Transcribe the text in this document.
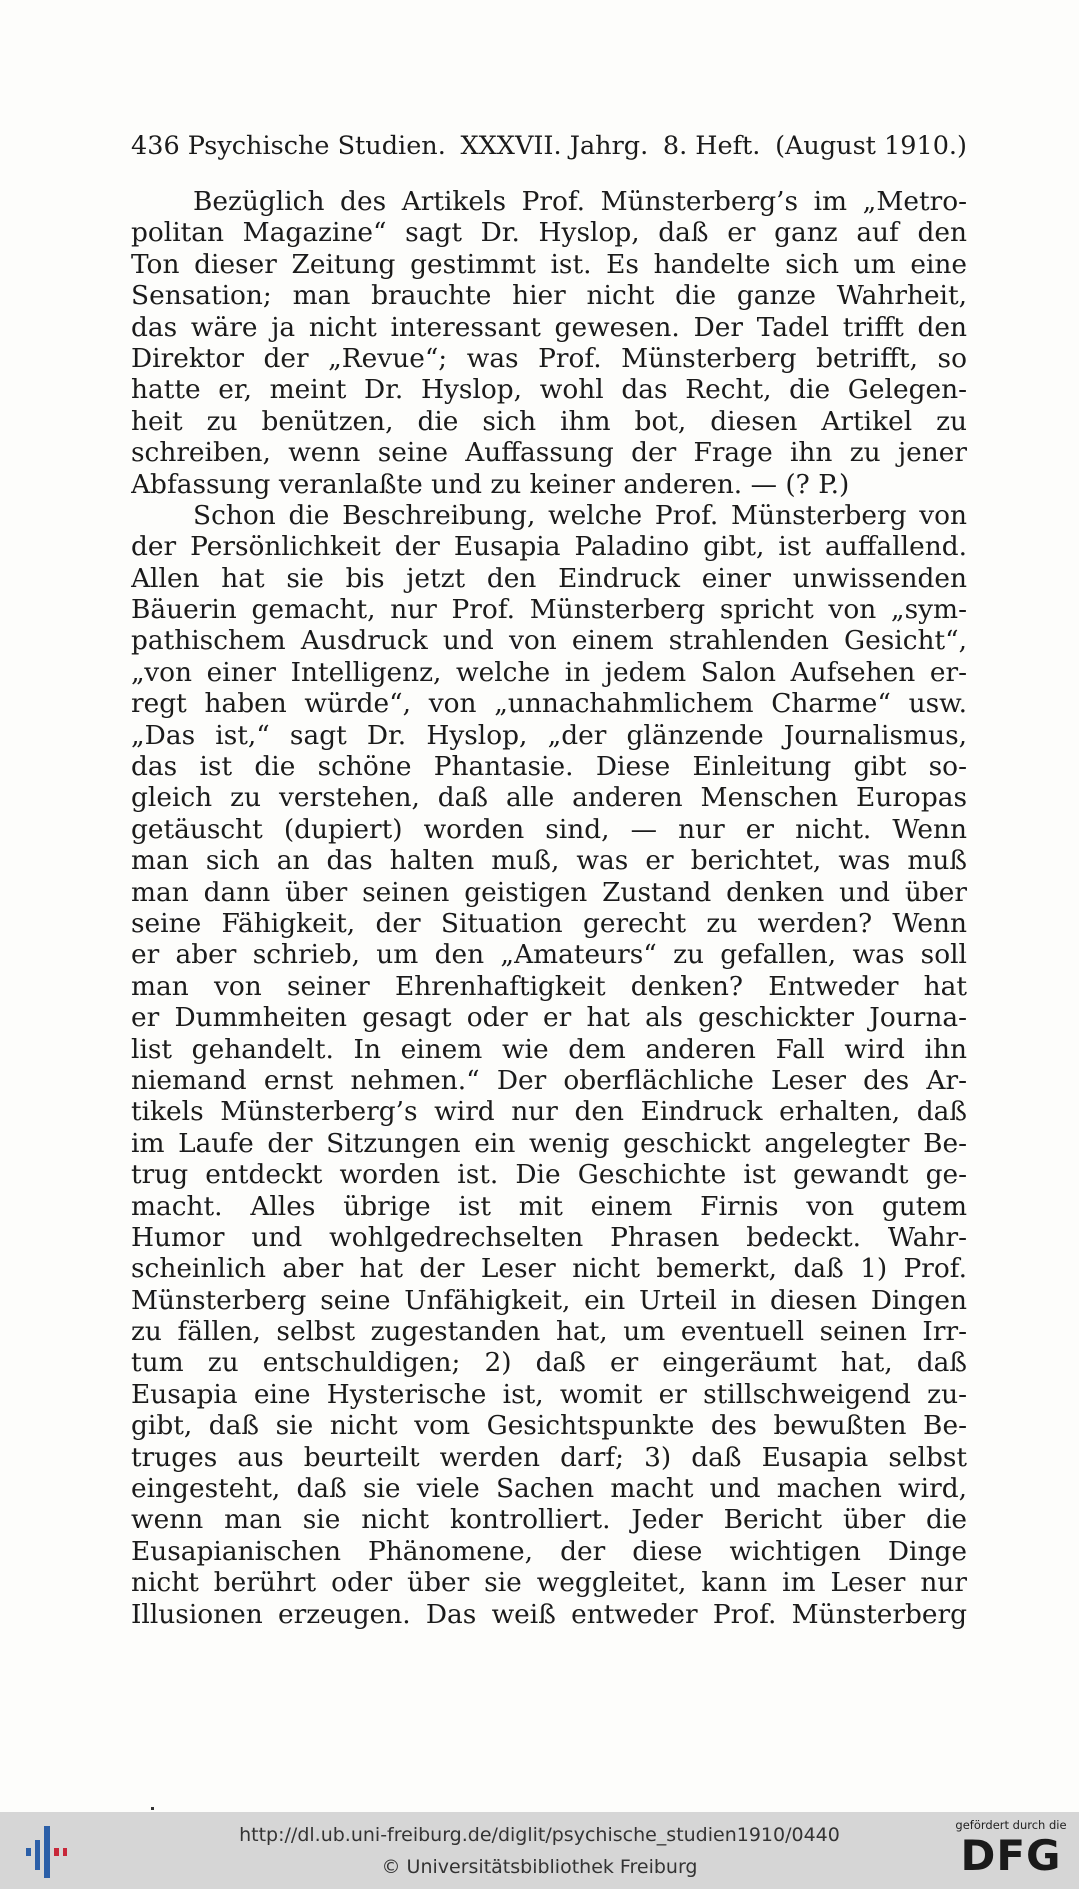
436 Psychische Studien. XXXVII. Jahrg. 8. Heft. (August 1910.)
Bezüglich des Artikels Prof. Münsterberg’s im „Metro-
politan Magazine“ sagt Dr. Hyslop, daß er ganz auf den
Ton dieser Zeitung gestimmt ist. Es handelte sich um eine
Sensation; man brauchte hier nicht die ganze Wahrheit,
das wäre ja nicht interessant gewesen. Der Tadel trifft den
Direktor der „Revue“; was Prof. Münsterberg betrifft, so
hatte er, meint Dr. Hyslop, wohl das Recht, die Gelegen-
heit zu benützen, die sich ihm bot, diesen Artikel zu
schreiben, wenn seine Auffassung der Frage ihn zu jener
Abfassung veranlaßte und zu keiner anderen. — (? P.)
Schon die Beschreibung, welche Prof. Münsterberg von
der Persönlichkeit der Eusapia Paladino gibt, ist auffallend.
Allen hat sie bis jetzt den Eindruck einer unwissenden
Bäuerin gemacht, nur Prof. Münsterberg spricht von „sym-
pathischem Ausdruck und von einem strahlenden Gesicht“,
„von einer Intelligenz, welche in jedem Salon Aufsehen er-
regt haben würde“, von „unnachahmlichem Charme“ usw.
„Das ist,“ sagt Dr. Hyslop, „der glänzende Journalismus,
das ist die schöne Phantasie. Diese Einleitung gibt so-
gleich zu verstehen, daß alle anderen Menschen Europas
getäuscht (dupiert) worden sind, — nur er nicht. Wenn
man sich an das halten muß, was er berichtet, was muß
man dann über seinen geistigen Zustand denken und über
seine Fähigkeit, der Situation gerecht zu werden? Wenn
er aber schrieb, um den „Amateurs“ zu gefallen, was soll
man von seiner Ehrenhaftigkeit denken? Entweder hat
er Dummheiten gesagt oder er hat als geschickter Journa-
list gehandelt. In einem wie dem anderen Fall wird ihn
niemand ernst nehmen.“ Der oberflächliche Leser des Ar-
tikels Münsterberg’s wird nur den Eindruck erhalten, daß
im Laufe der Sitzungen ein wenig geschickt angelegter Be-
trug entdeckt worden ist. Die Geschichte ist gewandt ge-
macht. Alles übrige ist mit einem Firnis von gutem
Humor und wohlgedrechselten Phrasen bedeckt. Wahr-
scheinlich aber hat der Leser nicht bemerkt, daß 1) Prof.
Münsterberg seine Unfähigkeit, ein Urteil in diesen Dingen
zu fällen, selbst zugestanden hat, um eventuell seinen Irr-
tum zu entschuldigen; 2) daß er eingeräumt hat, daß
Eusapia eine Hysterische ist, womit er stillschweigend zu-
gibt, daß sie nicht vom Gesichtspunkte des bewußten Be-
truges aus beurteilt werden darf; 3) daß Eusapia selbst
eingesteht, daß sie viele Sachen macht und machen wird,
wenn man sie nicht kontrolliert. Jeder Bericht über die
Eusapianischen Phänomene, der diese wichtigen Dinge
nicht berührt oder über sie weggleitet, kann im Leser nur
Illusionen erzeugen. Das weiß entweder Prof. Münsterberg
http://dl.ub.uni-freiburg.de/diglit/psychische_studien1910/0440
© Universitätsbibliothek Freiburg
gefördert durch die
DFG
